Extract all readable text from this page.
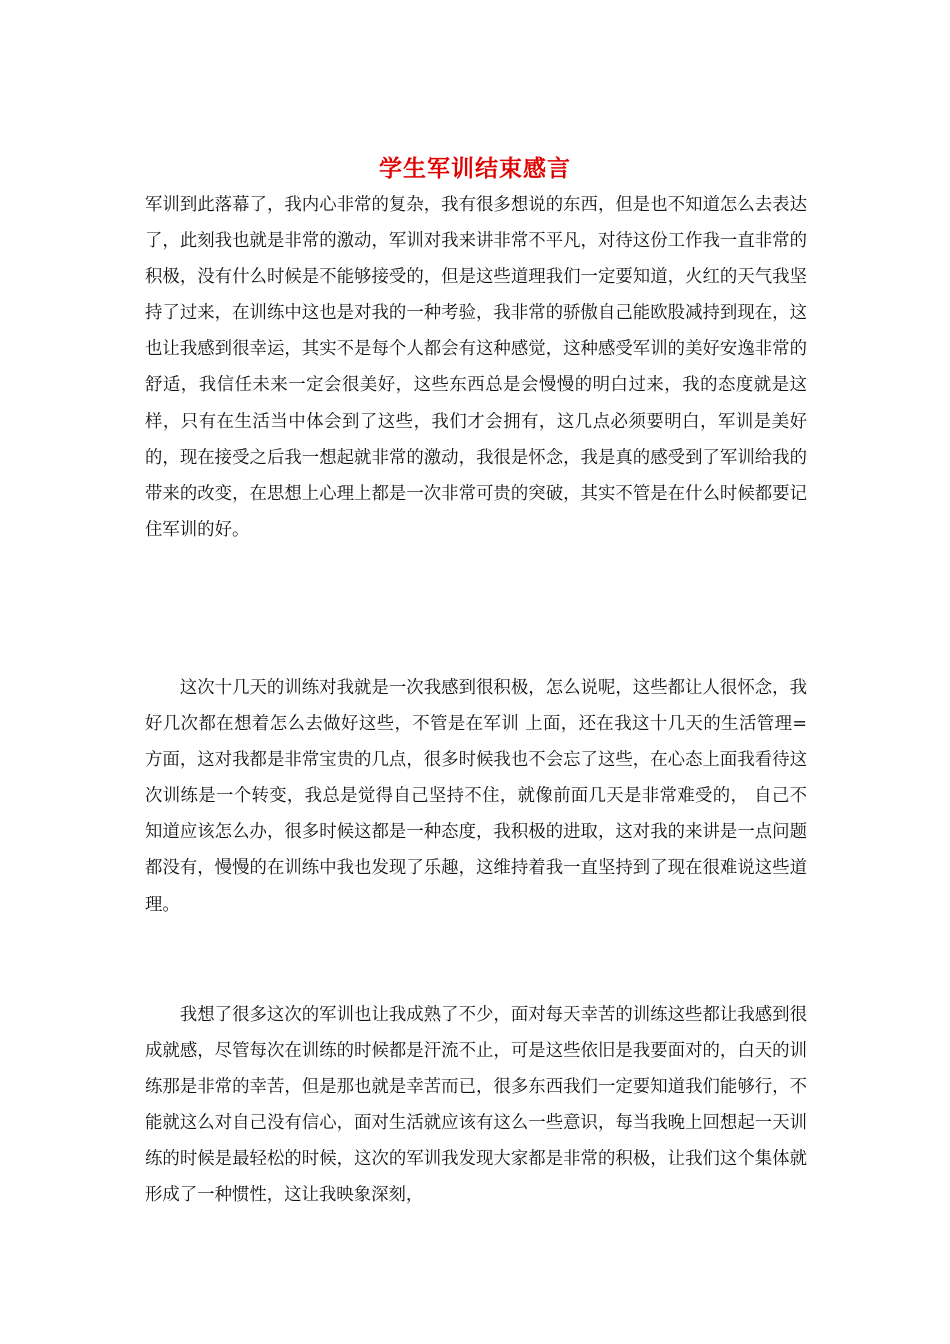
学生军训结束感言

军训到此落幕了，我内心非常的复杂，我有很多想说的东西，但是也不知道怎么去表达了，此刻我也就是非常的激动，军训对我来讲非常不平凡，对待这份工作我一直非常的积极，没有什么时候是不能够接受的，但是这些道理我们一定要知道，火红的天气我坚持了过来，在训练中这也是对我的一种考验，我非常的骄傲自己能欧股减持到现在，这也让我感到很幸运，其实不是每个人都会有这种感觉，这种感受军训的美好安逸非常的舒适，我信任未来一定会很美好，这些东西总是会慢慢的明白过来，我的态度就是这样，只有在生活当中体会到了这些，我们才会拥有，这几点必须要明白，军训是美好的，现在接受之后我一想起就非常的激动，我很是怀念，我是真的感受到了军训给我的带来的改变，在思想上心理上都是一次非常可贵的突破，其实不管是在什么时候都要记住军训的好。

这次十几天的训练对我就是一次我感到很积极，怎么说呢，这些都让人很怀念，我好几次都在想着怎么去做好这些，不管是在军训 上面，还在我这十几天的生活管理=方面，这对我都是非常宝贵的几点，很多时候我也不会忘了这些，在心态上面我看待这次训练是一个转变，我总是觉得自己坚持不住，就像前面几天是非常难受的， 自己不知道应该怎么办，很多时候这都是一种态度，我积极的进取，这对我的来讲是一点问题都没有，慢慢的在训练中我也发现了乐趣，这维持着我一直坚持到了现在很难说这些道理。

我想了很多这次的军训也让我成熟了不少，面对每天幸苦的训练这些都让我感到很成就感，尽管每次在训练的时候都是汗流不止，可是这些依旧是我要面对的，白天的训练那是非常的幸苦，但是那也就是幸苦而已，很多东西我们一定要知道我们能够行，不能就这么对自己没有信心，面对生活就应该有这么一些意识，每当我晚上回想起一天训练的时候是最轻松的时候，这次的军训我发现大家都是非常的积极，让我们这个集体就形成了一种惯性，这让我映象深刻，
